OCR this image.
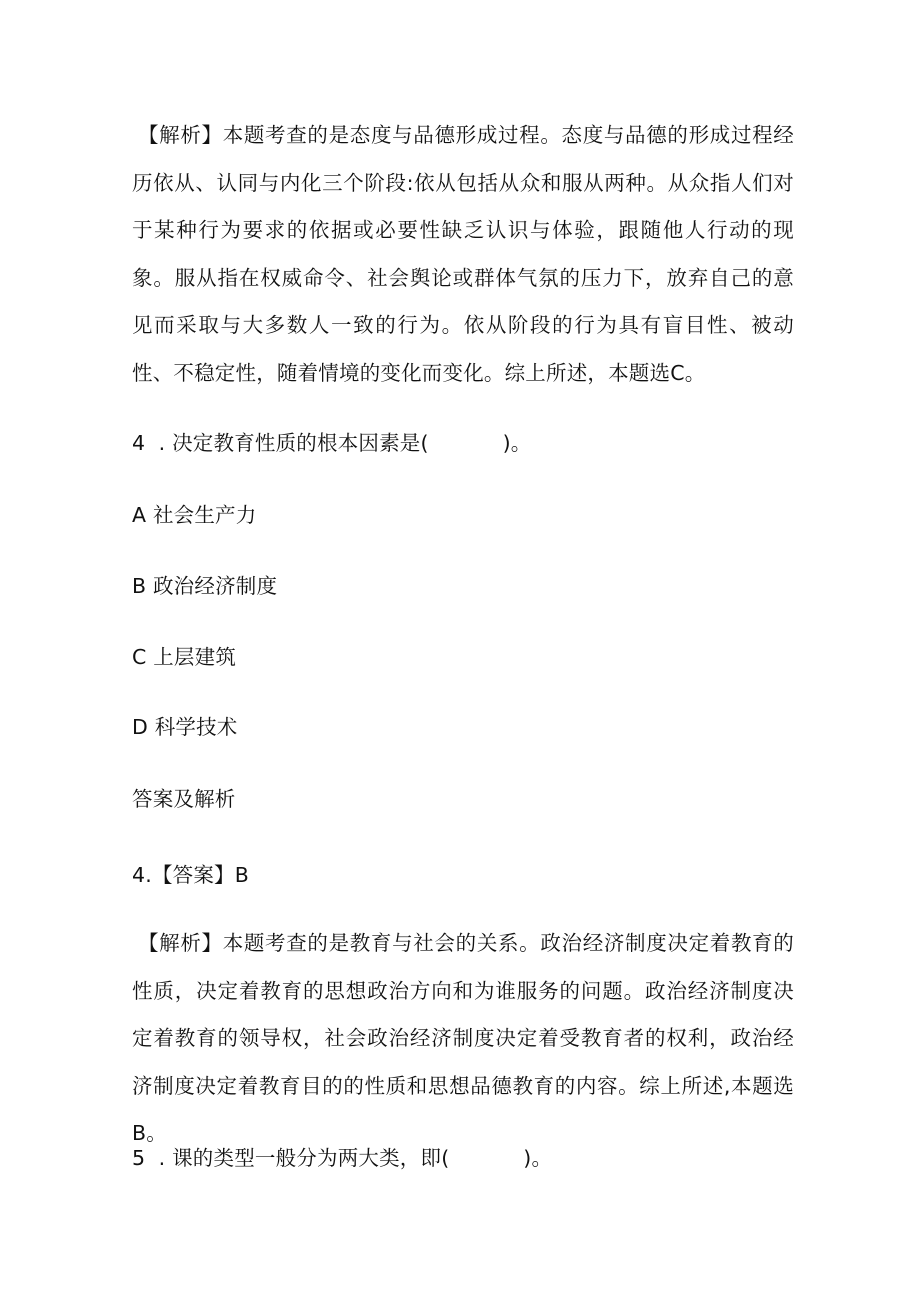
【解析】本题考查的是态度与品德形成过程。态度与品德的形成过程经历依从、认同与内化三个阶段:依从包括从众和服从两种。从众指人们对于某种行为要求的依据或必要性缺乏认识与体验，跟随他人行动的现象。服从指在权威命令、社会舆论或群体气氛的压力下，放弃自己的意见而采取与大多数人一致的行为。依从阶段的行为具有盲目性、被动性、不稳定性，随着情境的变化而变化。综上所述，本题选C。
4  . 决定教育性质的根本因素是(           )。
A 社会生产力
B 政治经济制度
C 上层建筑
D 科学技术
答案及解析
4.【答案】B
【解析】本题考查的是教育与社会的关系。政治经济制度决定着教育的性质，决定着教育的思想政治方向和为谁服务的问题。政治经济制度决定着教育的领导权，社会政治经济制度决定着受教育者的权利，政治经济制度决定着教育目的的性质和思想品德教育的内容。综上所述,本题选B。
5  . 课的类型一般分为两大类，即(           )。
